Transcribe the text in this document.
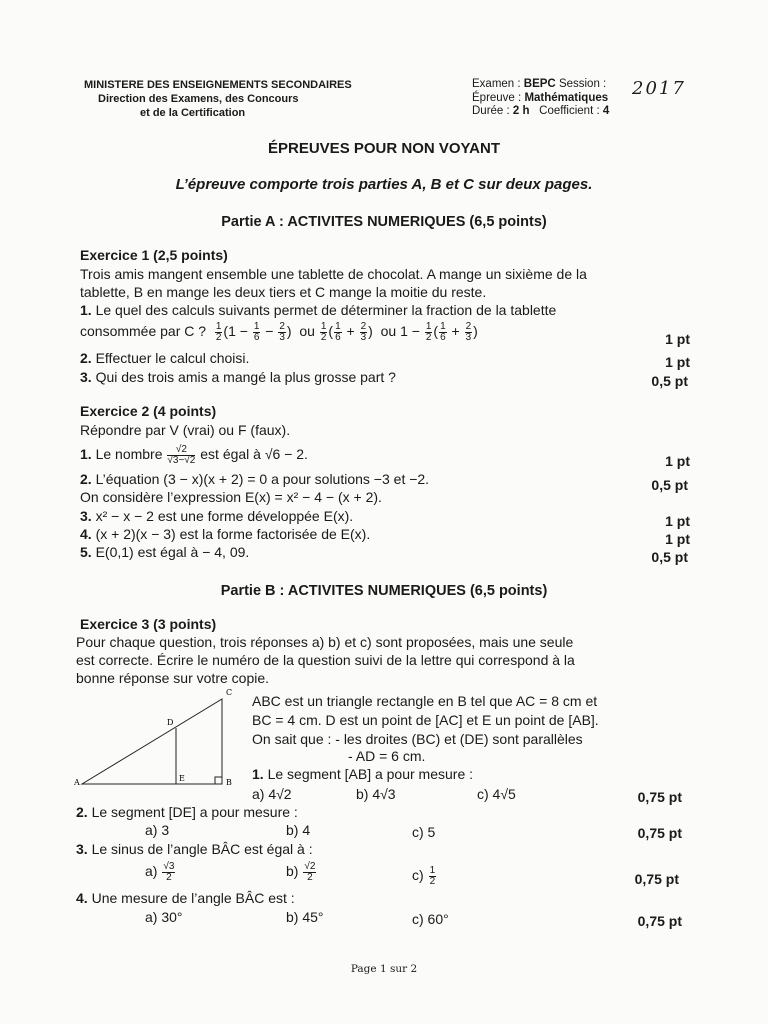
MINISTERE DES ENSEIGNEMENTS SECONDAIRES
Direction des Examens, des Concours
et de la Certification
Examen : BEPC Session :
Épreuve : Mathématiques
Durée : 2 h Coefficient : 4
2017
ÉPREUVES POUR NON VOYANT
L’épreuve comporte trois parties A, B et C sur deux pages.
Partie A : ACTIVITES NUMERIQUES (6,5 points)
Exercice 1 (2,5 points)
Trois amis mangent ensemble une tablette de chocolat. A mange un sixième de la
tablette, B en mange les deux tiers et C mange la moitie du reste.
1. Le quel des calculs suivants permet de déterminer la fraction de la tablette
consommée par C ? $\frac{1}{2} (1 - \frac{1}{6} - \frac{2}{3}$ )  ou $\frac{1}{2}$ ( $\frac{1}{6} + \frac{2}{3}$ )  ou $1 - \frac{1}{2}$ ( $\frac{1}{6} + \frac{2}{3}$ )	1 pt
2. Effectuer le calcul choisi.	1 pt
3. Qui des trois amis a mangé la plus grosse part ?	0,5 pt
Exercice 2 (4 points)
Répondre par V (vrai) ou F (faux).
1. Le nombre $\frac{√2}{√3-√2}$ est égal à √6 − 2.	1 pt
2. L’équation (3 − x)(x + 2) = 0 a pour solutions −3 et −2.	0,5 pt
On considère l’expression E(x) = x² − 4 − (x + 2).
3. x² − x − 2 est une forme développée E(x).	1 pt
4. (x + 2)(x − 3) est la forme factorisée de E(x).	1 pt
5. E(0,1) est égal à − 4, 09.	0,5 pt
Partie B : ACTIVITES NUMERIQUES (6,5 points)
Exercice 3 (3 points)
Pour chaque question, trois réponses a) b) et c) sont proposées, mais une seule
est correcte. Écrire le numéro de la question suivi de la lettre qui correspond à la
bonne réponse sur votre copie.
A	B
C
D
E
ABC est un triangle rectangle en B tel que AC = 8 cm et
BC = 4 cm. D est un point de [AC] et E un point de [AB].
On sait que : - les droites (BC) et (DE) sont parallèles
- AD = 6 cm.
1. Le segment [AB] a pour mesure :
a) 4√2	b) 4√3	c) 4√5	0,75 pt
2. Le segment [DE] a pour mesure :
a) 3	b) 4	c) 5	0,75 pt
3. Le sinus de l’angle BÂC est égal à :
$a) \frac{√3}{2}$	$b) \frac{√2}{2}$	$c) \frac{1}{2}$	0,75 pt
4. Une mesure de l’angle BÂC est :
a) 30°	b) 45°	c) 60°	0,75 pt
Page 1 sur 2
